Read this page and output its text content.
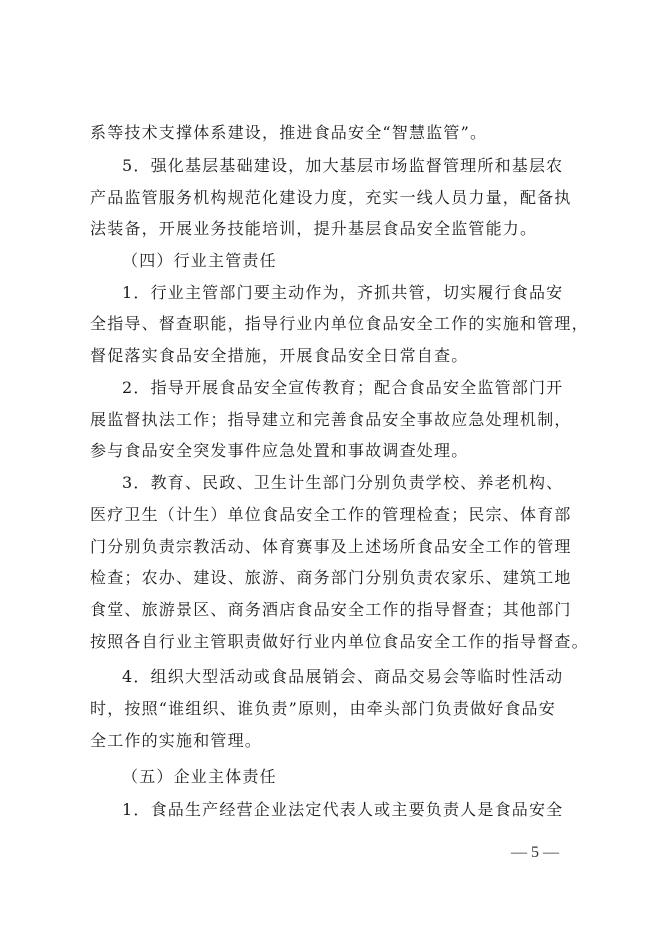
系等技术支撑体系建设，推进食品安全“智慧监管”。
5．强化基层基础建设，加大基层市场监督管理所和基层农
产品监管服务机构规范化建设力度，充实一线人员力量，配备执
法装备，开展业务技能培训，提升基层食品安全监管能力。
（四）行业主管责任
1．行业主管部门要主动作为，齐抓共管，切实履行食品安
全指导、督查职能，指导行业内单位食品安全工作的实施和管理，
督促落实食品安全措施，开展食品安全日常自查。
2．指导开展食品安全宣传教育；配合食品安全监管部门开
展监督执法工作；指导建立和完善食品安全事故应急处理机制，
参与食品安全突发事件应急处置和事故调查处理。
3．教育、民政、卫生计生部门分别负责学校、养老机构、
医疗卫生（计生）单位食品安全工作的管理检查；民宗、体育部
门分别负责宗教活动、体育赛事及上述场所食品安全工作的管理
检查；农办、建设、旅游、商务部门分别负责农家乐、建筑工地
食堂、旅游景区、商务酒店食品安全工作的指导督查；其他部门
按照各自行业主管职责做好行业内单位食品安全工作的指导督查。
4．组织大型活动或食品展销会、商品交易会等临时性活动
时，按照“谁组织、谁负责”原则，由牵头部门负责做好食品安
全工作的实施和管理。
（五）企业主体责任
1．食品生产经营企业法定代表人或主要负责人是食品安全
— 5 —
